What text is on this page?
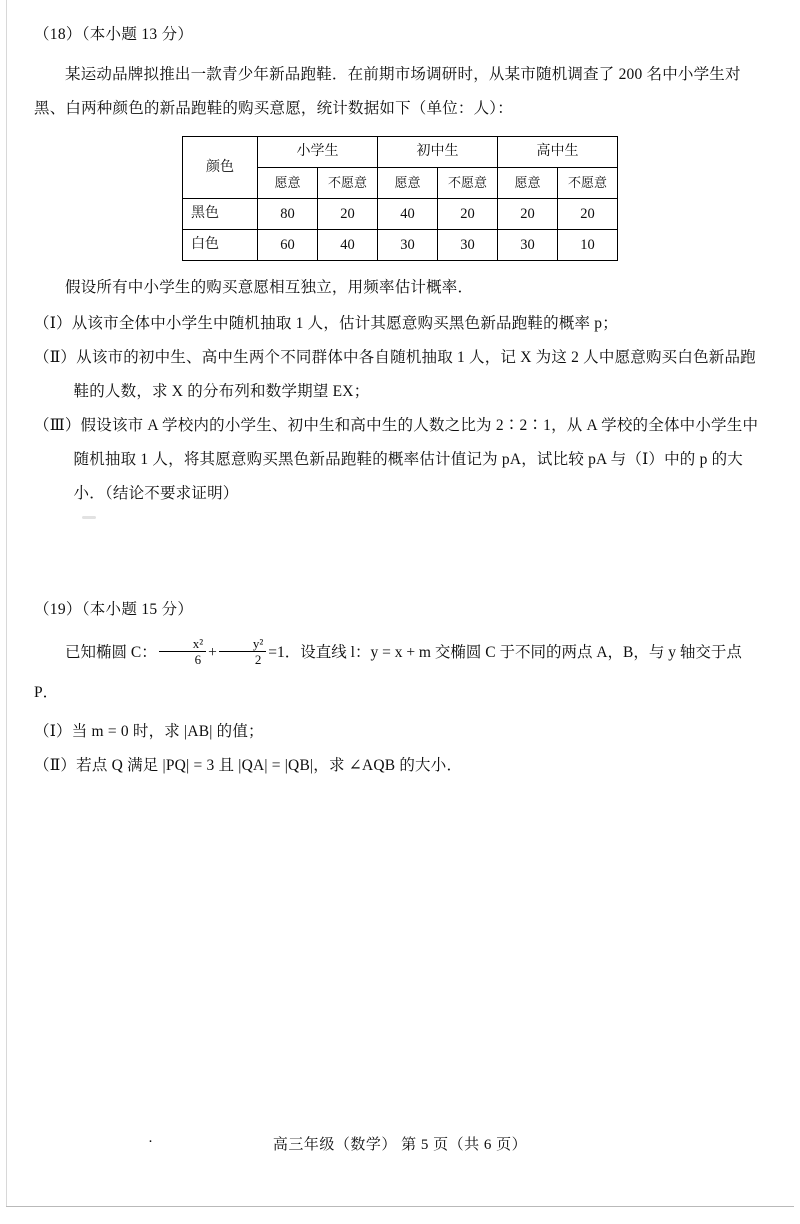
（18）（本小题 13 分）

某运动品牌拟推出一款青少年新品跑鞋．在前期市场调研时，从某市随机调查了 200 名中小学生对黑、白两种颜色的新品跑鞋的购买意愿，统计数据如下（单位：人）：

颜色	小学生		初中生		高中生	
	愿意	不愿意	愿意	不愿意	愿意	不愿意
黑色	80	20	40	20	20	20
白色	60	40	30	30	30	10

假设所有中小学生的购买意愿相互独立，用频率估计概率．

（Ⅰ）从该市全体中小学生中随机抽取 1 人，估计其愿意购买黑色新品跑鞋的概率 p；

（Ⅱ）从该市的初中生、高中生两个不同群体中各自随机抽取 1 人，记 X 为这 2 人中愿意购买白色新品跑鞋的人数，求 X 的分布列和数学期望 EX；

（Ⅲ）假设该市 A 学校内的小学生、初中生和高中生的人数之比为 2∶2∶1，从 A 学校的全体中小学生中随机抽取 1 人，将其愿意购买黑色新品跑鞋的概率估计值记为 pA，试比较 pA 与（Ⅰ）中的 p 的大小．（结论不要求证明）

（19）（本小题 15 分）
已知椭圆 C： $\frac{\text{x²}}{6} + \frac{\text{y²}}{2} =1$．设直线 l：y = x + m 交椭圆 C 于不同的两点 A，B，与 y 轴交于点 P．

（Ⅰ）当 m = 0 时，求 |AB| 的值；

（Ⅱ）若点 Q 满足 |PQ| = 3 且 |QA| = |QB|，求 ∠AQB 的大小．

·	高三年级（数学） 第 5 页（共 6 页）
